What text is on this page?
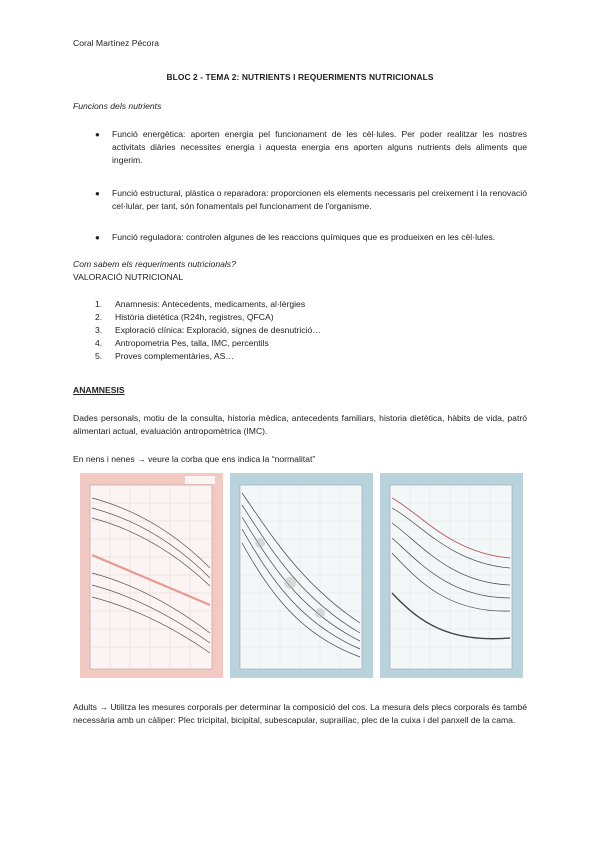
Coral Martínez Pécora
BLOC 2 - TEMA 2: NUTRIENTS I REQUERIMENTS NUTRICIONALS
Funcions dels nutrients
● Funció energètica: aporten energia pel funcionament de les cèl·lules. Per poder realitzar les nostres activitats diàries necessites energia i aquesta energia ens aporten alguns nutrients dels aliments que ingerim.
● Funció estructural, plàstica o reparadora: proporcionen els elements necessaris pel creixement i la renovació cel·lular, per tant, són fonamentals pel funcionament de l'organisme.
● Funció reguladora: controlen algunes de les reaccions químiques que es produeixen en les cèl·lules.
Com sabem els requeriments nutricionals?
VALORACIÓ NUTRICIONAL
1.	Anamnesis: Antecedents, medicaments, al·lèrgies
2.	Història dietètica (R24h, registres, QFCA)
3.	Exploració clínica: Exploració, signes de desnutrició…
4.	Antropometria Pes, talla, IMC, percentils
5.	Proves complementàries, AS…
ANAMNESIS
Dades personals, motiu de la consulta, historia mèdica, antecedents familiars, historia dietètica, hàbits de vida, patró alimentari actual, evaluación antropomètrica (IMC).
En nens i nenes → veure la corba que ens indica la “normalitat”
Adults → Utilitza les mesures corporals per determinar la composició del cos. La mesura dels plecs corporals és també necessària amb un càliper: Plec tricipital, bicipital, subescapular, suprailíac, plec de la cuixa i del panxell de la cama.
